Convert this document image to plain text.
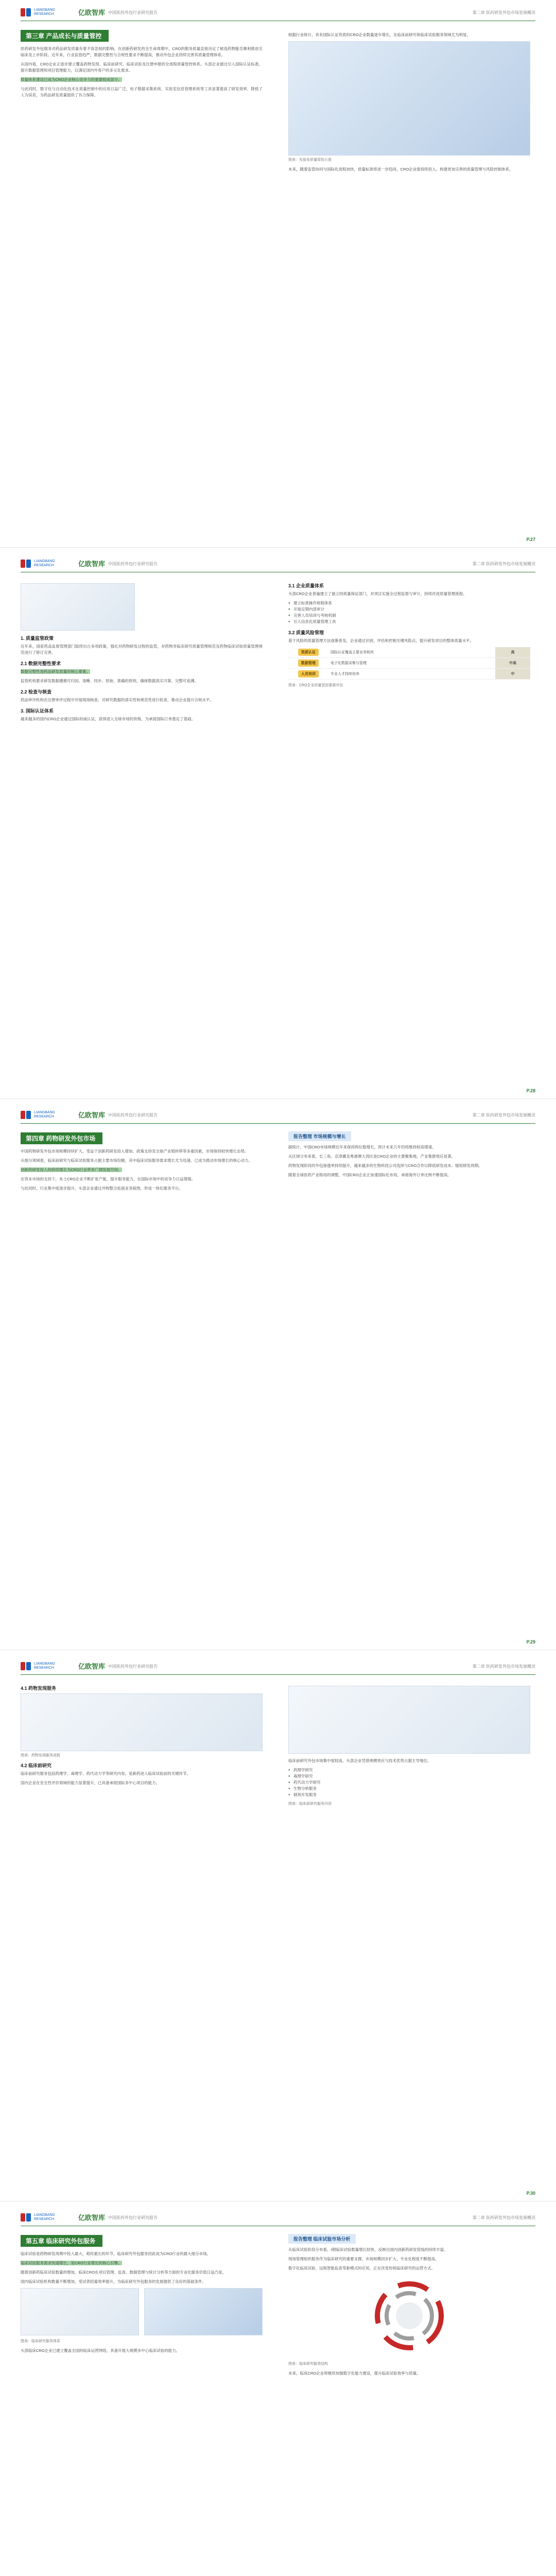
LIANGBANG RESEARCH	亿欧智库 中国医药外包行业研究报告	第二章 医药研发外包市场发展概况
第三章 产品成长与质量管控

医药研发外包服务对药品研发质量有着不容忽视的影响。在创新药研发的全生命周期中，CRO的服务质量直接决定了候选药物能否顺利推进至临床及上市阶段。近年来，行业监管趋严，数据完整性与合规性要求不断提高，推动外包企业持续完善其质量管理体系。

从国内看，CRO企业正逐步建立覆盖药物发现、临床前研究、临床试验及注册申报的全流程质量管控体系。头部企业通过引入国际认证标准，提升数据管理和项目管理能力，以满足国内外客户的多元化需求。

质量体系建设已成为CRO企业核心竞争力的重要组成部分。

与此同时，数字化与自动化技术在质量控制中的应用日益广泛，电子数据采集系统、实验室信息管理系统等工具显著提高了研发效率，降低了人为误差，为药品研发质量提供了有力保障。

根据行业统计，具有国际认证资质的CRO企业数量逐年增长，在临床前研究和临床试验服务领域尤为明显。

图表：实验室质量管控示意

未来，随着监管协同与国际化进程加快，质量标准将进一步趋同，CRO企业需持续投入，构建更加完善的质量管理与风险控制体系。

P.27
LIANGBANG RESEARCH	亿欧智库 中国医药外包行业研究报告	第二章 医药研发外包市场发展概况
1. 质量监管政策

近年来，国家药品监督管理部门陆续出台多项政策，强化对药物研发过程的监管，对药物非临床研究质量管理规范及药物临床试验质量管理规范进行了修订完善。

2.1 数据完整性要求

数据完整性是药品研发质量的核心要素。

监管机构要求研发数据遵循可归因、清晰、同步、原始、准确的原则，确保数据真实可靠、完整可追溯。

2.2 检查与核查

药品审评机构在注册审评过程中开展现场核查，对研究数据的真实性和规范性进行检查，推动企业提升合规水平。

3. 国际认证体系

越来越多的国内CRO企业通过国际权威认证，获得进入全球市场的资格，为承接国际订单奠定了基础。

3.1 企业质量体系

头部CRO企业普遍建立了独立的质量保证部门，对项目实施全过程监督与审计，持续改进质量管理流程。

● 建立标准操作规程体系
● 开展定期内部审计
● 完善人员培训与考核机制
● 引入信息化质量管理工具
3.2 质量风险管理

基于风险的质量管理方法逐渐普及，企业通过识别、评估和控制关键风险点，提升研发项目的整体质量水平。

资质认证	国际认证覆盖主要业务板块	高
数据管理	电子化数据采集与管理	中高
人员培训	专业人才持续培养	中
图表：CRO企业质量管控要素评估
P.28
LIANGBANG RESEARCH	亿欧智库 中国医药外包行业研究报告	第二章 医药研发外包市场发展概况
第四章 药物研发外包市场

中国药物研发外包市场规模持续扩大，受益于创新药研发投入增加、政策支持及全球产业链转移等多重因素，市场保持较快增长态势。

从细分领域看，临床前研究与临床试验服务占据主要市场份额，其中临床试验服务需求增长尤为迅速，已成为推动市场增长的核心动力。

创新药研发投入的持续增长为CRO行业带来广阔发展空间。

在资本市场的支持下，本土CRO企业不断扩张产能，提升服务能力，在国际市场中的竞争力日益增强。

与此同时，行业集中度逐步提升，头部企业通过并购整合拓展业务版图，形成一体化服务平台。

报告整理 市场规模与增长

据统计，中国CRO市场规模近年来保持两位数增长，预计未来几年仍将维持较高增速。

从区域分布来看，长三角、京津冀及粤港澳大湾区是CRO企业的主要聚集地，产业集群效应显著。

药物发现阶段的外包渗透率持续提升，越来越多的生物科技公司选择与CRO合作以降低研发成本、缩短研发周期。

随着全球医药产业格局的调整，中国CRO企业正加速国际化布局，承接海外订单比例不断提高。

P.29
LIANGBANG RESEARCH	亿欧智库 中国医药外包行业研究报告	第二章 医药研发外包市场发展概况
4.1 药物发现服务
图表：药物发现服务流程
4.2 临床前研究

临床前研究服务包括药理学、毒理学、药代动力学等研究内容，是新药进入临床试验前的关键环节。

国内企业在安全性评价领域的能力显著提升，已具备承接国际多中心项目的能力。

临床前研究外包市场集中度较高，头部企业凭借规模效应与技术优势占据主导地位。

● 药理学研究
● 毒理学研究
● 药代动力学研究
● 生物分析服务
● 制剂开发服务
图表：临床前研究服务内容
P.30
LIANGBANG RESEARCH	亿欧智库 中国医药外包行业研究报告	第二章 医药研发外包市场发展概况
第五章 临床研究外包服务

临床试验是药物研发周期中投入最大、耗时最长的环节，临床研究外包服务因此成为CRO行业的最大细分市场。

临床试验服务需求快速增长，是CRO行业增长的核心引擎。

随着创新药临床试验数量的增加，临床CRO在项目管理、监查、数据管理与统计分析等方面的专业化服务价值日益凸显。

国内临床试验机构数量不断增加，受试者招募效率提升，为临床研究外包服务的发展提供了良好的基础条件。

图表：临床研究服务体系

头部临床CRO企业已建立覆盖全国的临床运营网络，具备开展大规模多中心临床试验的能力。

报告整理 临床试验市场分析

从临床试验阶段分布看，I期临床试验数量增长较快，反映出国内创新药研发管线的持续丰富。

现场管理组织服务作为临床研究的重要支撑，市场规模同步扩大，专业化程度不断提高。

数字化临床试验、远程智能监查等新模式的应用，正在改变传统临床研究的运营方式。

图表：临床研究服务结构

未来，临床CRO企业将继续加强数字化能力建设，提升临床试验效率与质量。
